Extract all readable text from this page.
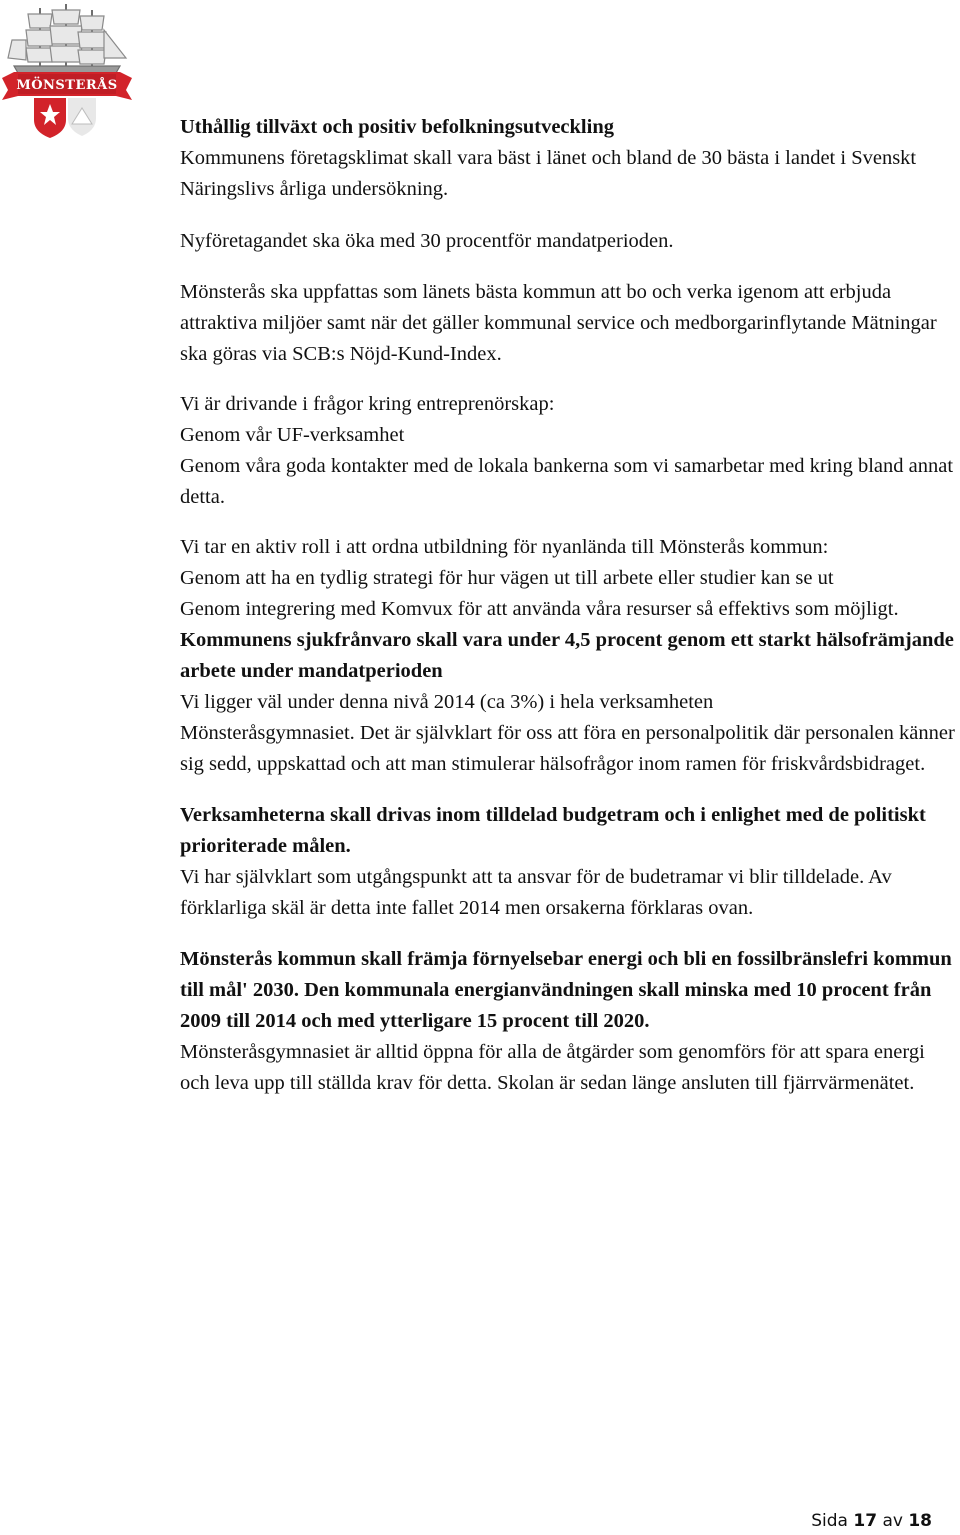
MÖNSTERÅS

Uthållig tillväxt och positiv befolkningsutveckling

Kommunens företagsklimat skall vara bäst i länet och bland de 30 bästa i landet i Svenskt Näringslivs årliga undersökning.

Nyföretagandet ska öka med 30 procentför mandatperioden.

Mönsterås ska uppfattas som länets bästa kommun att bo och verka igenom att erbjuda attraktiva miljöer samt när det gäller kommunal service och medborgarinflytande Mätningar ska göras via SCB:s Nöjd-Kund-Index.

Vi är drivande i frågor kring entreprenörskap:

Genom vår UF-verksamhet

Genom våra goda kontakter med de lokala bankerna som vi samarbetar med kring bland annat detta.

Vi tar en aktiv roll i att ordna utbildning för nyanlända till Mönsterås kommun:

Genom att ha en tydlig strategi för hur vägen ut till arbete eller studier kan se ut

Genom integrering med Komvux för att använda våra resurser så effektivs som möjligt.

Kommunens sjukfrånvaro skall vara under 4,5 procent genom ett starkt hälsofrämjande arbete under mandatperioden

Vi ligger väl under denna nivå 2014 (ca 3%) i hela verksamheten

Mönsteråsgymnasiet. Det är självklart för oss att föra en personalpolitik där personalen känner sig sedd, uppskattad och att man stimulerar hälsofrågor inom ramen för friskvårdsbidraget.

Verksamheterna skall drivas inom tilldelad budgetram och i enlighet med de politiskt prioriterade målen.

Vi har självklart som utgångspunkt att ta ansvar för de budetramar vi blir tilldelade. Av förklarliga skäl är detta inte fallet 2014 men orsakerna förklaras ovan.

Mönsterås kommun skall främja förnyelsebar energi och bli en fossilbränslefri kommun till mål' 2030. Den kommunala energianvändningen skall minska med 10 procent från 2009 till 2014 och med ytterligare 15 procent till 2020.

Mönsteråsgymnasiet är alltid öppna för alla de åtgärder som genomförs för att spara energi och leva upp till ställda krav för detta. Skolan är sedan länge ansluten till fjärrvärmenätet.

Sida 17 av 18
